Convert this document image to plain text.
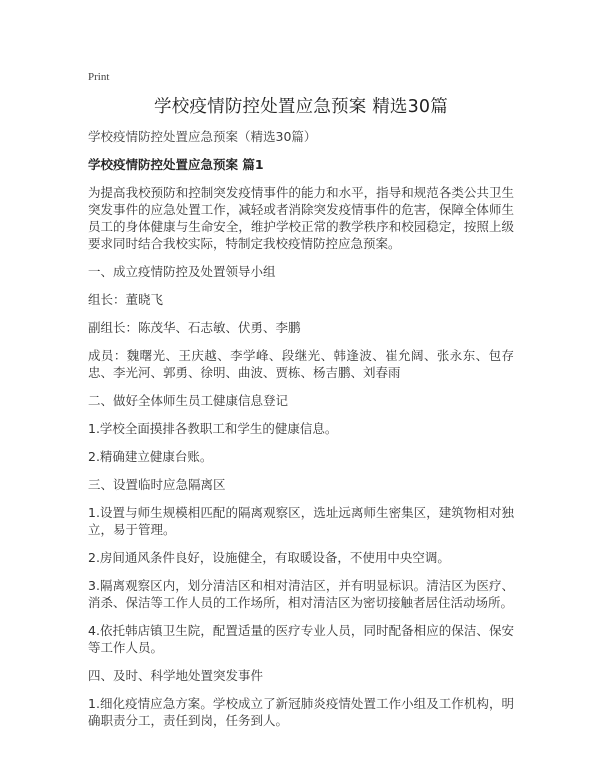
Print
学校疫情防控处置应急预案 精选30篇

学校疫情防控处置应急预案（精选30篇）

学校疫情防控处置应急预案 篇1

为提高我校预防和控制突发疫情事件的能力和水平，指导和规范各类公共卫生突发事件的应急处置工作，减轻或者消除突发疫情事件的危害，保障全体师生员工的身体健康与生命安全，维护学校正常的教学秩序和校园稳定，按照上级要求同时结合我校实际，特制定我校疫情防控应急预案。

一、成立疫情防控及处置领导小组

组长：董晓飞

副组长：陈茂华、石志敏、伏勇、李鹏

成员：魏曙光、王庆越、李学峰、段继光、韩逢波、崔允阔、张永东、包存忠、李光河、郭勇、徐明、曲波、贾栋、杨吉鹏、刘春雨

二、做好全体师生员工健康信息登记

1.学校全面摸排各教职工和学生的健康信息。

2.精确建立健康台账。

三、设置临时应急隔离区

1.设置与师生规模相匹配的隔离观察区，选址远离师生密集区，建筑物相对独立，易于管理。

2.房间通风条件良好，设施健全，有取暖设备，不使用中央空调。

3.隔离观察区内，划分清洁区和相对清洁区，并有明显标识。清洁区为医疗、消杀、保洁等工作人员的工作场所，相对清洁区为密切接触者居住活动场所。

4.依托韩店镇卫生院，配置适量的医疗专业人员，同时配备相应的保洁、保安等工作人员。

四、及时、科学地处置突发事件

1.细化疫情应急方案。学校成立了新冠肺炎疫情处置工作小组及工作机构，明确职责分工，责任到岗，任务到人。
